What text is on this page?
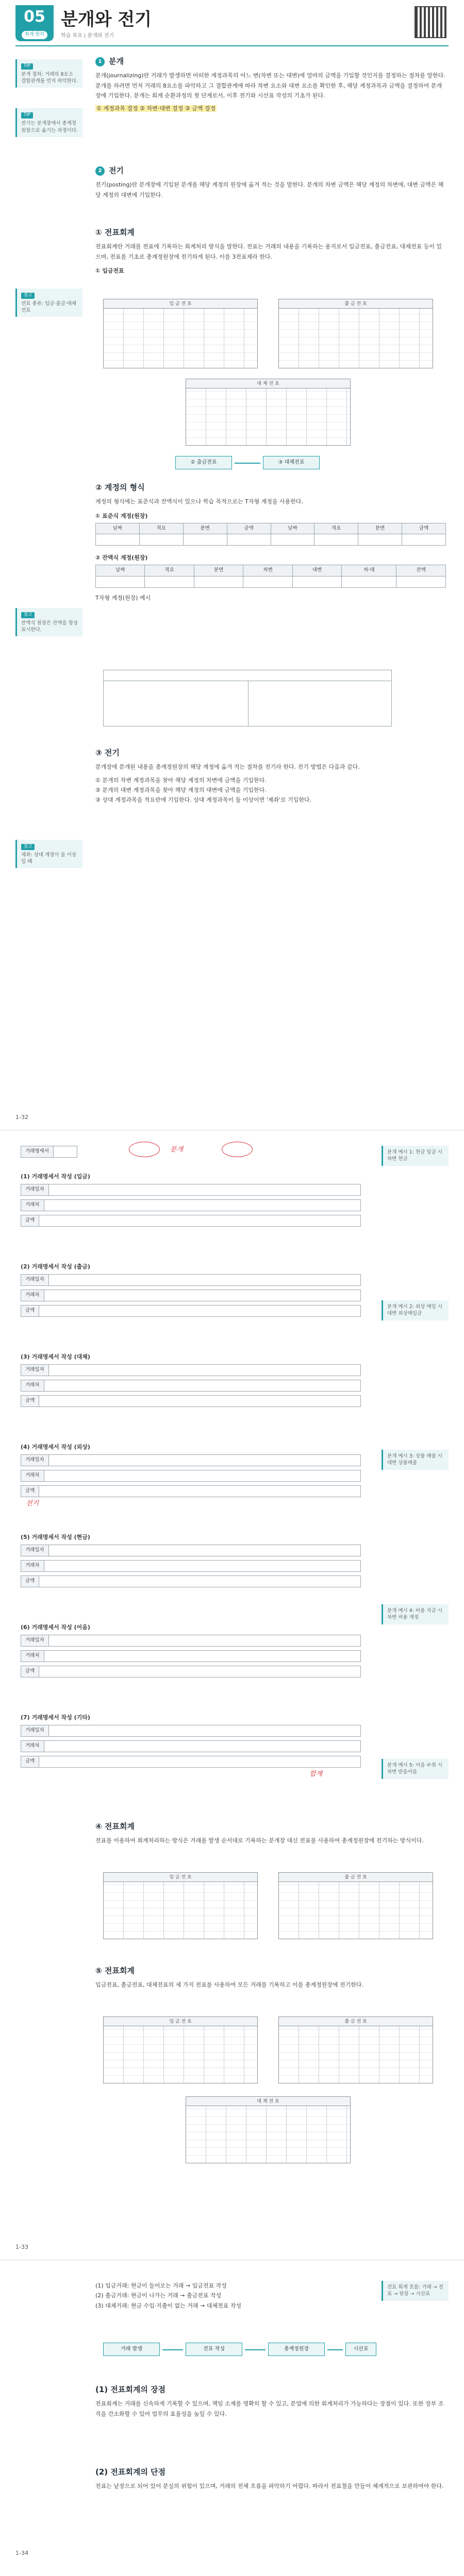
05
회계 원리
분개와 전기
학습 목표 | 분개와 전기
TIP
분개 절차: 거래의 8요소 결합관계를 먼저 파악한다.
TIP
전기는 분개장에서 총계정원장으로 옮기는 과정이다.
참고
전표 종류: 입금·출금·대체전표
참고
잔액식 원장은 잔액을 항상 표시한다.
참고
제좌: 상대 계정이 둘 이상일 때
1 분개

분개(journalizing)란 거래가 발생하면 어떠한 계정과목의 어느 변(차변 또는 대변)에 얼마의 금액을 기입할 것인지를 결정하는 절차를 말한다. 분개를 하려면 먼저 거래의 8요소를 파악하고 그 결합관계에 따라 차변 요소와 대변 요소를 확인한 후, 해당 계정과목과 금액을 결정하여 분개장에 기입한다. 분개는 회계 순환과정의 첫 단계로서, 이후 전기와 시산표 작성의 기초가 된다.

① 계정과목 결정 ② 차변·대변 결정 ③ 금액 결정

2 전기

전기(posting)란 분개장에 기입된 분개를 해당 계정의 원장에 옮겨 적는 것을 말한다. 분개의 차변 금액은 해당 계정의 차변에, 대변 금액은 해당 계정의 대변에 기입한다.

① 전표회계

전표회계란 거래를 전표에 기록하는 회계처리 방식을 말한다. 전표는 거래의 내용을 기록하는 용지로서 입금전표, 출금전표, 대체전표 등이 있으며, 전표를 기초로 총계정원장에 전기하게 된다. 이를 3전표제라 한다.

① 입금전표

입 금 전 표	출 금 전 표
대 체 전 표
② 출금전표	③ 대체전표
② 계정의 형식

계정의 형식에는 표준식과 잔액식이 있으나 학습 목적으로는 T자형 계정을 사용한다.

① 표준식 계정(원장)

날짜	적요	분면	금액	날짜	적요	분면	금액

② 잔액식 계정(원장)

날짜	적요	분면	차변	대변	차·대	잔액

T자형 계정(원장) 예시

③ 전기

분개장에 분개된 내용을 총계정원장의 해당 계정에 옮겨 적는 절차를 전기라 한다. 전기 방법은 다음과 같다.

① 분개의 차변 계정과목을 찾아 해당 계정의 차변에 금액을 기입한다.

② 분개의 대변 계정과목을 찾아 해당 계정의 대변에 금액을 기입한다.

③ 상대 계정과목을 적요란에 기입한다. 상대 계정과목이 둘 이상이면 '제좌'로 기입한다.

1-32
거래명세서	분개	분개 예시 1: 현금 입금 시 차변 현금
분개 예시 2: 외상 매입 시 대변 외상매입금
분개 예시 3: 상품 매출 시 대변 상품매출
분개 예시 4: 비용 지급 시 차변 비용 계정
분개 예시 5: 어음 수취 시 차변 받을어음
(1) 거래명세서 작성 (입금)
거래일자
거래처
금액
(2) 거래명세서 작성 (출금)
거래일자
거래처
금액
(3) 거래명세서 작성 (대체)
거래일자
거래처
금액
(4) 거래명세서 작성 (외상)
거래일자
거래처
금액
전기
(5) 거래명세서 작성 (현금)
거래일자
거래처
금액
(6) 거래명세서 작성 (어음)
거래일자
거래처
금액
(7) 거래명세서 작성 (기타)
거래일자
거래처
금액
합계
④ 전표회계

전표를 이용하여 회계처리하는 방식은 거래를 발생 순서대로 기록하는 분개장 대신 전표를 사용하여 총계정원장에 전기하는 방식이다.

입 금 전 표	출 금 전 표
⑤ 전표회계

입금전표, 출금전표, 대체전표의 세 가지 전표를 사용하여 모든 거래를 기록하고 이를 총계정원장에 전기한다.

입 금 전 표	출 금 전 표
대 체 전 표
1-33

(1) 입금거래: 현금이 들어오는 거래 → 입금전표 작성

(2) 출금거래: 현금이 나가는 거래 → 출금전표 작성

(3) 대체거래: 현금 수입·지출이 없는 거래 → 대체전표 작성

전표 회계 흐름: 거래 → 전표 → 원장 → 시산표
거래 발생	전표 작성	총계정원장	시산표
(1) 전표회계의 장점

전표회계는 거래를 신속하게 기록할 수 있으며, 책임 소재를 명확히 할 수 있고, 분업에 의한 회계처리가 가능하다는 장점이 있다. 또한 장부 조직을 간소화할 수 있어 업무의 효율성을 높일 수 있다.

(2) 전표회계의 단점

전표는 낱장으로 되어 있어 분실의 위험이 있으며, 거래의 전체 흐름을 파악하기 어렵다. 따라서 전표철을 만들어 체계적으로 보관하여야 한다.

1-34
